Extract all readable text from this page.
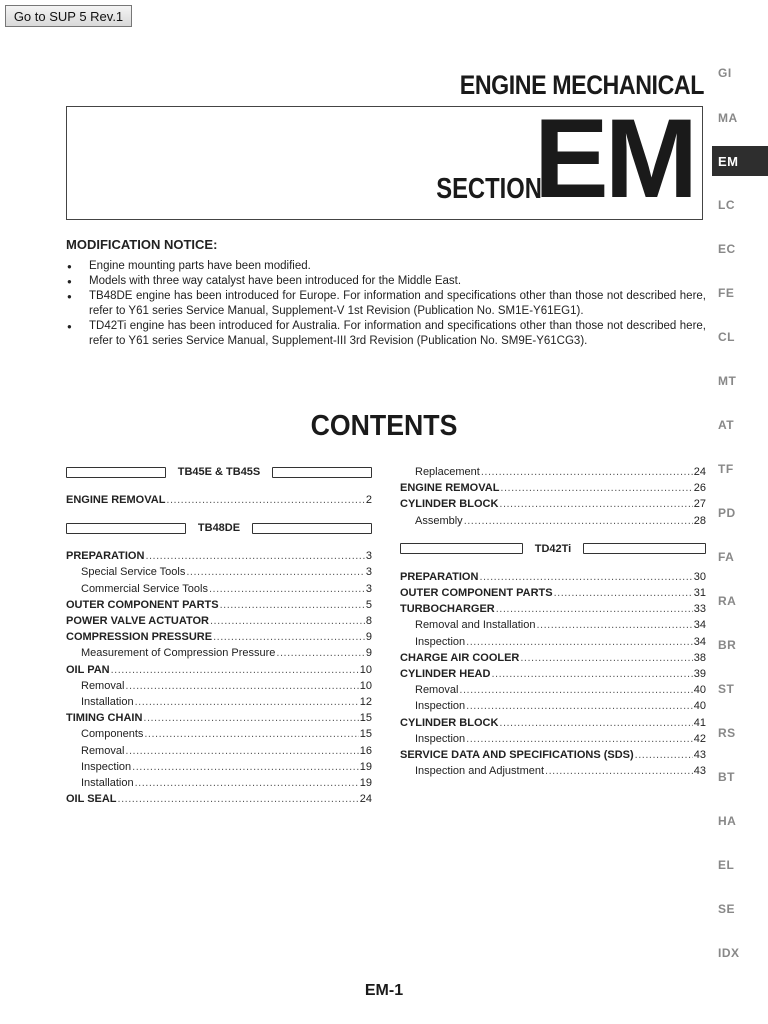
Go to SUP 5 Rev.1
ENGINE MECHANICAL
SECTION
EM
GI
MA
EM
LC
EC
FE
CL
MT
AT
TF
PD
FA
RA
BR
ST
RS
BT
HA
EL
SE
IDX
MODIFICATION NOTICE:
● Engine mounting parts have been modified.
● Models with three way catalyst have been introduced for the Middle East.
● TB48DE engine has been introduced for Europe. For information and specifications other than those not described here, refer to Y61 series Service Manual, Supplement-V 1st Revision (Publication No. SM1E-Y61EG1).
● TD42Ti engine has been introduced for Australia. For information and specifications other than those not described here, refer to Y61 series Service Manual, Supplement-III 3rd Revision (Publication No. SM9E-Y61CG3).
CONTENTS
TB45E & TB45S
ENGINE REMOVAL .....	2
TB48DE
PREPARATION .....	3
Special Service Tools .....	3
Commercial Service Tools .....	3
OUTER COMPONENT PARTS .....	5
POWER VALVE ACTUATOR .....	8
COMPRESSION PRESSURE .....	9
Measurement of Compression Pressure .....	9
OIL PAN .....	10
Removal .....	10
Installation .....	12
TIMING CHAIN .....	15
Components .....	15
Removal .....	16
Inspection .....	19
Installation .....	19
OIL SEAL .....	24
Replacement .....	24
ENGINE REMOVAL .....	26
CYLINDER BLOCK .....	27
Assembly .....	28
TD42Ti
PREPARATION .....	30
OUTER COMPONENT PARTS .....	31
TURBOCHARGER .....	33
Removal and Installation .....	34
Inspection .....	34
CHARGE AIR COOLER .....	38
CYLINDER HEAD .....	39
Removal .....	40
Inspection .....	40
CYLINDER BLOCK .....	41
Inspection .....	42
SERVICE DATA AND SPECIFICATIONS (SDS) .....	43
Inspection and Adjustment .....	43
EM-1
